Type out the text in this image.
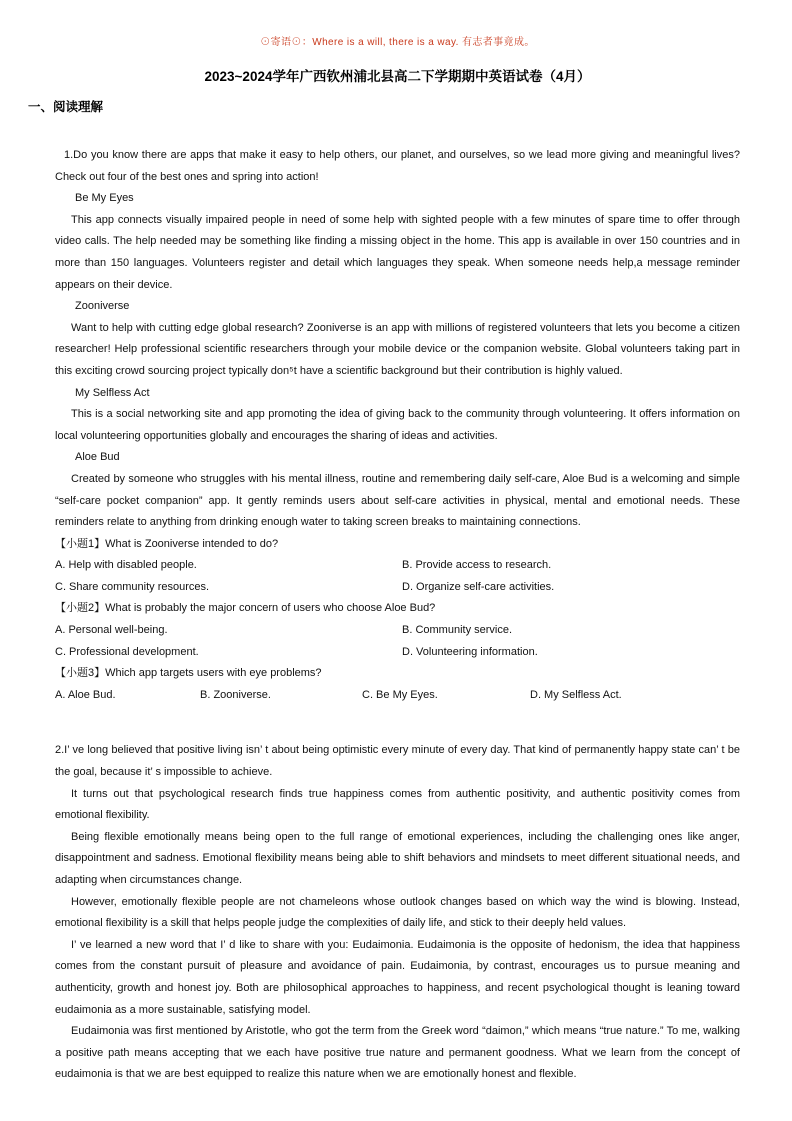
⊙寄语⊙：Where is a will, there is a way. 有志者事竟成。
2023~2024学年广西钦州浦北县高二下学期期中英语试卷（4月）
一、阅读理解

1.Do you know there are apps that make it easy to help others, our planet, and ourselves, so we lead more giving and meaningful lives? Check out four of the best ones and spring into action!

Be My Eyes

This app connects visually impaired people in need of some help with sighted people with a few minutes of spare time to offer through video calls. The help needed may be something like finding a missing object in the home. This app is available in over 150 countries and in more than 150 languages. Volunteers register and detail which languages they speak. When someone needs help,a message reminder appears on their device.

Zooniverse

Want to help with cutting edge global research? Zooniverse is an app with millions of registered volunteers that lets you become a citizen researcher! Help professional scientific researchers through your mobile device or the companion website. Global volunteers taking part in this exciting crowd sourcing project typically don⁵t have a scientific background but their contribution is highly valued.

My Selfless Act

This is a social networking site and app promoting the idea of giving back to the community through volunteering. It offers information on local volunteering opportunities globally and encourages the sharing of ideas and activities.

Aloe Bud

Created by someone who struggles with his mental illness, routine and remembering daily self-care, Aloe Bud is a welcoming and simple “self-care pocket companion” app. It gently reminds users about self-care activities in physical, mental and emotional needs. These reminders relate to anything from drinking enough water to taking screen breaks to maintaining connections.

【小题1】What is Zooniverse intended to do?

A. Help with disabled people.	B. Provide access to research.
C. Share community resources.	D. Organize self-care activities.

【小题2】What is probably the major concern of users who choose Aloe Bud?

A. Personal well-being.	B. Community service.
C. Professional development.	D. Volunteering information.

【小题3】Which app targets users with eye problems?

A. Aloe Bud.	B. Zooniverse.	C. Be My Eyes.	D. My Selfless Act.

2.I’ ve long believed that positive living isn’ t about being optimistic every minute of every day. That kind of permanently happy state can’ t be the goal, because it’ s impossible to achieve.

It turns out that psychological research finds true happiness comes from authentic positivity, and authentic positivity comes from emotional flexibility.

Being flexible emotionally means being open to the full range of emotional experiences, including the challenging ones like anger, disappointment and sadness. Emotional flexibility means being able to shift behaviors and mindsets to meet different situational needs, and adapting when circumstances change.

However, emotionally flexible people are not chameleons whose outlook changes based on which way the wind is blowing. Instead, emotional flexibility is a skill that helps people judge the complexities of daily life, and stick to their deeply held values.

I’ ve learned a new word that I’ d like to share with you: Eudaimonia. Eudaimonia is the opposite of hedonism, the idea that happiness comes from the constant pursuit of pleasure and avoidance of pain. Eudaimonia, by contrast, encourages us to pursue meaning and authenticity, growth and honest joy. Both are philosophical approaches to happiness, and recent psychological thought is leaning toward eudaimonia as a more sustainable, satisfying model.

Eudaimonia was first mentioned by Aristotle, who got the term from the Greek word “daimon,” which means “true nature.” To me, walking a positive path means accepting that we each have positive true nature and permanent goodness. What we learn from the concept of eudaimonia is that we are best equipped to realize this nature when we are emotionally honest and flexible.
